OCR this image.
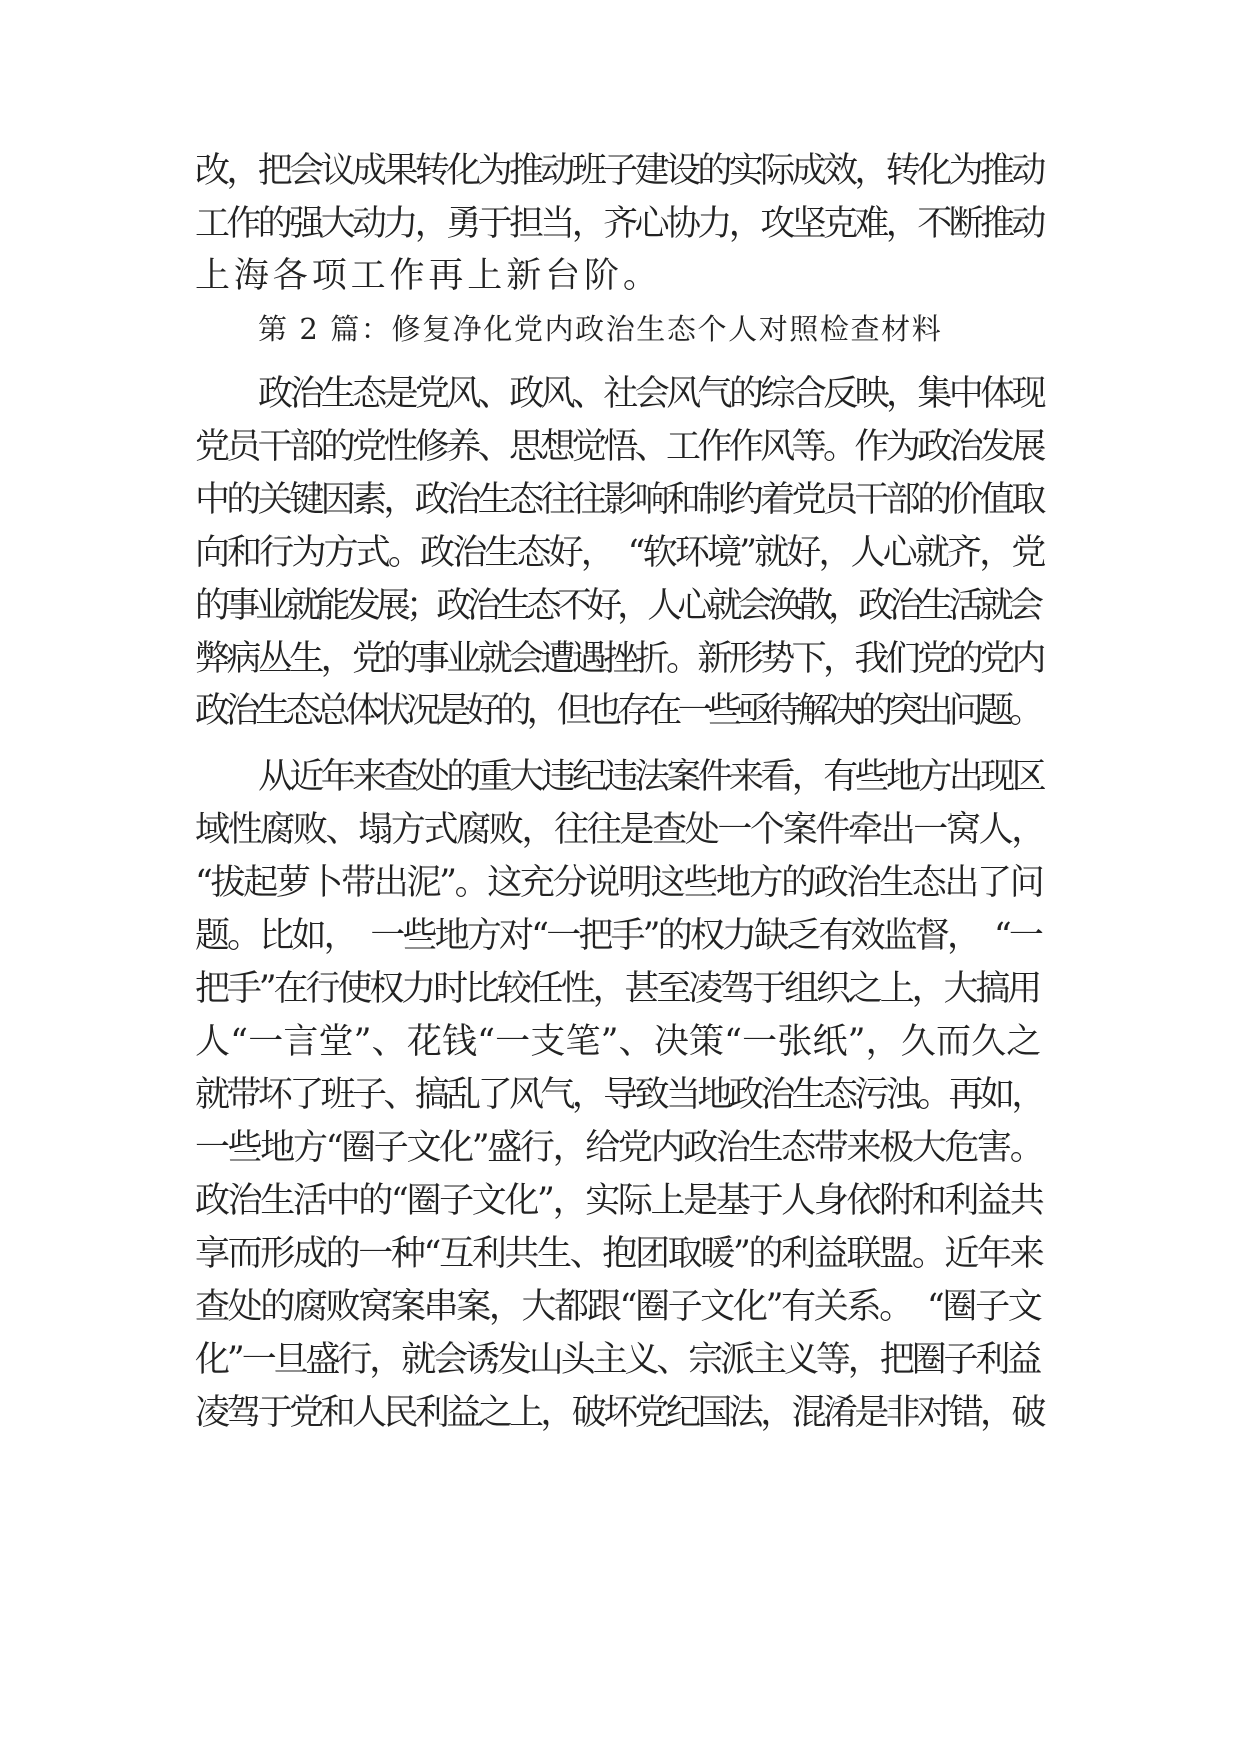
改，把会议成果转化为推动班子建设的实际成效，转化为推动
工作的强大动力，勇于担当，齐心协力，攻坚克难，不断推动
上海各项工作再上新台阶。
第 2 篇：修复净化党内政治生态个人对照检查材料
政治生态是党风、政风、社会风气的综合反映，集中体现
党员干部的党性修养、思想觉悟、工作作风等。作为政治发展
中的关键因素，政治生态往往影响和制约着党员干部的价值取
向和行为方式。政治生态好，　“软环境”就好，人心就齐，党
的事业就能发展；政治生态不好，人心就会涣散，政治生活就会
弊病丛生，党的事业就会遭遇挫折。新形势下，我们党的党内
政治生态总体状况是好的，但也存在一些亟待解决的突出问题。
从近年来查处的重大违纪违法案件来看，有些地方出现区
域性腐败、塌方式腐败，往往是查处一个案件牵出一窝人，
“拔起萝卜带出泥”。这充分说明这些地方的政治生态出了问
题。比如，　一些地方对“一把手”的权力缺乏有效监督，　“一
把手”在行使权力时比较任性，甚至凌驾于组织之上，大搞用
人“一言堂”、花钱“一支笔”、决策“一张纸”，久而久之
就带坏了班子、搞乱了风气，导致当地政治生态污浊。再如，
一些地方“圈子文化”盛行，给党内政治生态带来极大危害。
政治生活中的“圈子文化”，实际上是基于人身依附和利益共
享而形成的一种“互利共生、抱团取暖”的利益联盟。近年来
查处的腐败窝案串案，大都跟“圈子文化”有关系。　“圈子文
化”一旦盛行，就会诱发山头主义、宗派主义等，把圈子利益
凌驾于党和人民利益之上，破坏党纪国法，混淆是非对错，破
